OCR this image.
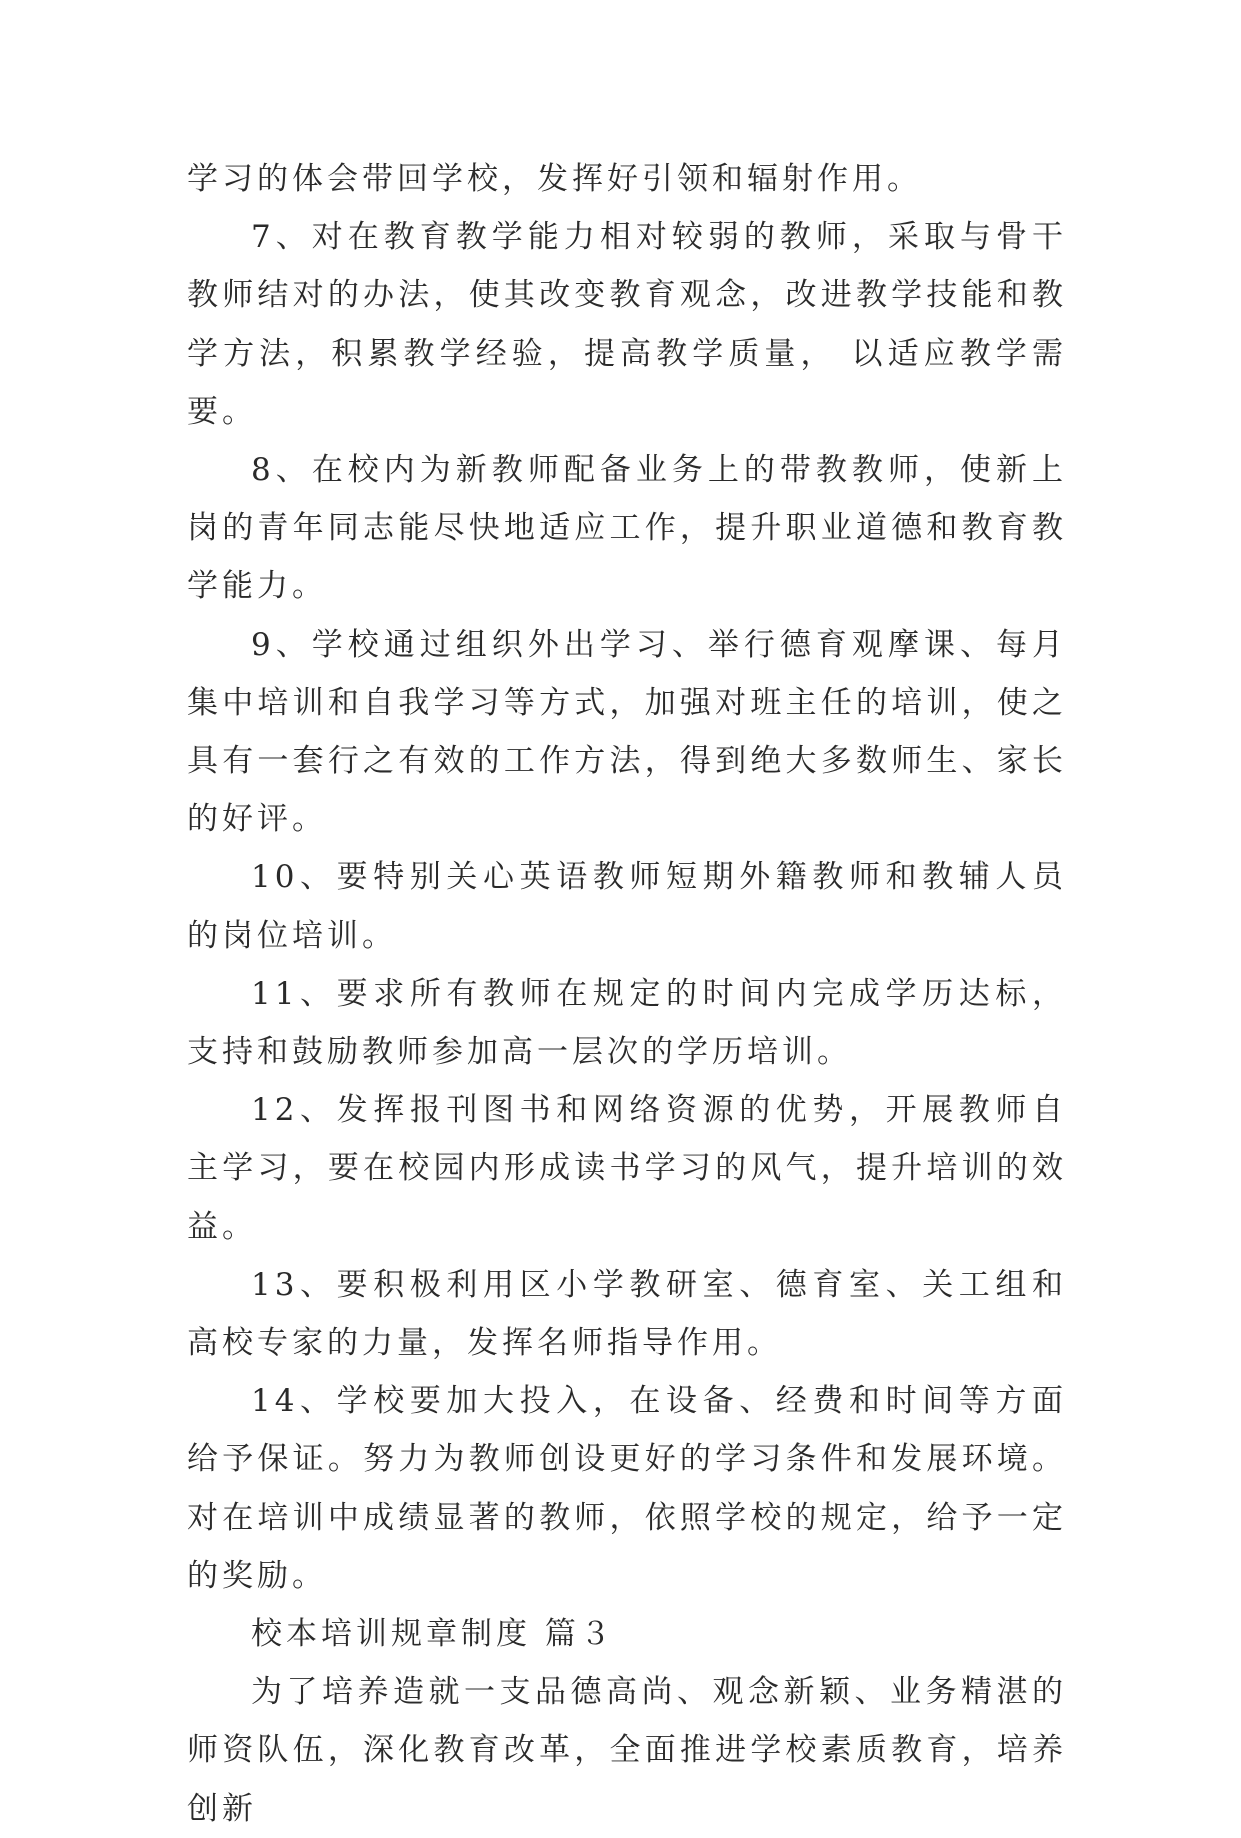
学习的体会带回学校，发挥好引领和辐射作用。

7、对在教育教学能力相对较弱的教师，采取与骨干教师结对的办法，使其改变教育观念，改进教学技能和教学方法，积累教学经验，提高教学质量， 以适应教学需要。

8、在校内为新教师配备业务上的带教教师，使新上岗的青年同志能尽快地适应工作，提升职业道德和教育教学能力。

9、学校通过组织外出学习、举行德育观摩课、每月集中培训和自我学习等方式，加强对班主任的培训，使之具有一套行之有效的工作方法，得到绝大多数师生、家长的好评。

10、要特别关心英语教师短期外籍教师和教辅人员的岗位培训。

11、要求所有教师在规定的时间内完成学历达标，支持和鼓励教师参加高一层次的学历培训。

12、发挥报刊图书和网络资源的优势，开展教师自主学习，要在校园内形成读书学习的风气，提升培训的效益。

13、要积极利用区小学教研室、德育室、关工组和高校专家的力量，发挥名师指导作用。

14、学校要加大投入，在设备、经费和时间等方面给予保证。努力为教师创设更好的学习条件和发展环境。对在培训中成绩显著的教师，依照学校的规定，给予一定的奖励。

校本培训规章制度 篇３

为了培养造就一支品德高尚、观念新颖、业务精湛的师资队伍，深化教育改革，全面推进学校素质教育，培养创新
